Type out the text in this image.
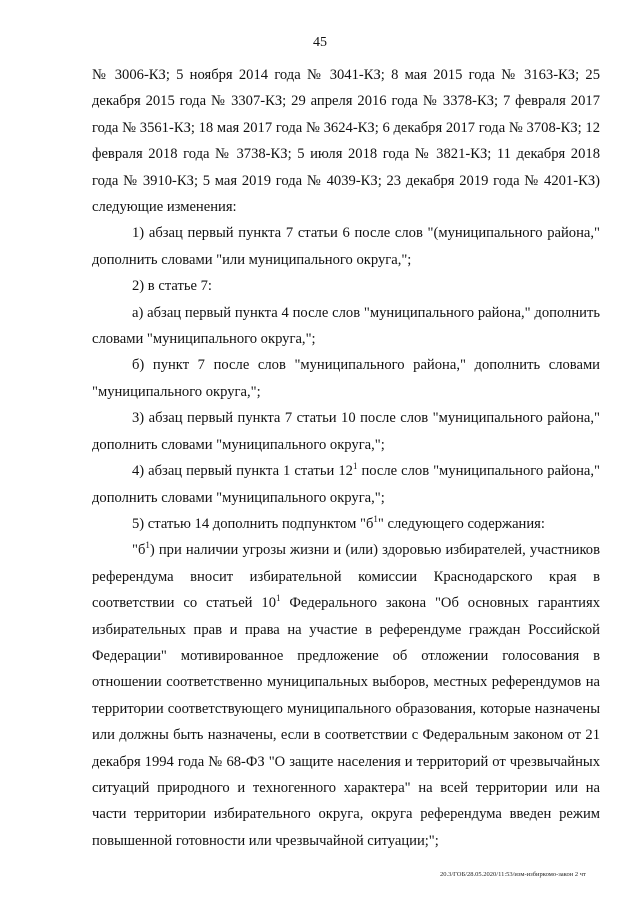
45

№ 3006-КЗ; 5 ноября 2014 года № 3041-КЗ; 8 мая 2015 года № 3163-КЗ; 25 декабря 2015 года № 3307-КЗ; 29 апреля 2016 года № 3378-КЗ; 7 февраля 2017 года № 3561-КЗ; 18 мая 2017 года № 3624-КЗ; 6 декабря 2017 года № 3708-КЗ; 12 февраля 2018 года № 3738-КЗ; 5 июля 2018 года № 3821-КЗ; 11 декабря 2018 года № 3910-КЗ; 5 мая 2019 года № 4039-КЗ; 23 декабря 2019 года № 4201-КЗ) следующие изменения:

1) абзац первый пункта 7 статьи 6 после слов "(муниципального района," дополнить словами "или муниципального округа,";

2) в статье 7:

а) абзац первый пункта 4 после слов "муниципального района," дополнить словами "муниципального округа,";

б) пункт 7 после слов "муниципального района," дополнить словами "муниципального округа,";

3) абзац первый пункта 7 статьи 10 после слов "муниципального района," дополнить словами "муниципального округа,";

4) абзац первый пункта 1 статьи $12^1$ после слов "муниципального района," дополнить словами "муниципального округа,";

5) статью 14 дополнить подпунктом "$б^1$" следующего содержания:

"$б^1$) при наличии угрозы жизни и (или) здоровью избирателей, участников референдума вносит избирательной комиссии Краснодарского края в соответствии со статьей $10^1$ Федерального закона "Об основных гарантиях избирательных прав и права на участие в референдуме граждан Российской Федерации" мотивированное предложение об отложении голосования в отношении соответственно муниципальных выборов, местных референдумов на территории соответствующего муниципального образования, которые назначены или должны быть назначены, если в соответствии с Федеральным законом от 21 декабря 1994 года № 68-ФЗ "О защите населения и территорий от чрезвычайных ситуаций природного и техногенного характера" на всей территории или на части территории избирательного округа, округа референдума введен режим повышенной готовности или чрезвычайной ситуации;";

20.3/ГОБ/28.05.2020/11:53/изм-избиркомо-закон 2 чт
